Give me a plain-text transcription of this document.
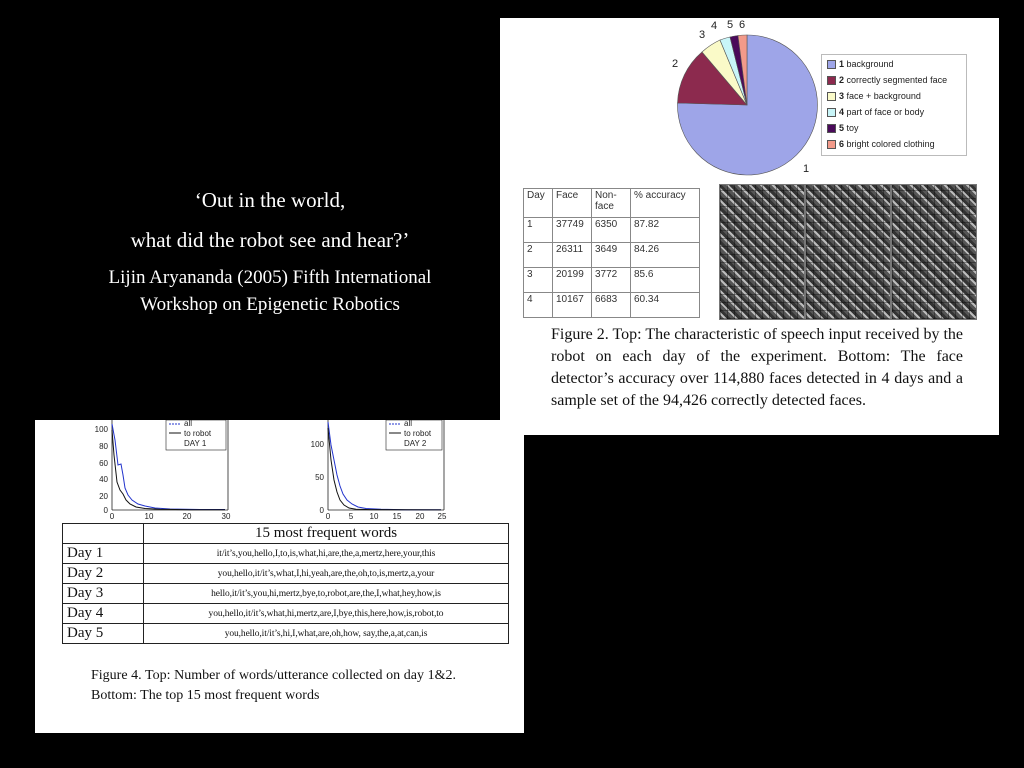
‘Out in the world,
what did the robot see and hear?’
Lijin Aryananda (2005) Fifth International
Workshop on Epigenetic Robotics
1
2
3
4 5 6
1 background
2 correctly segmented face
3 face + background
4 part of face or body
5 toy
6 bright colored clothing
Day	Face	Non-face	% accuracy
1	37749	6350	87.82
2	26311	3649	84.26
3	20199	3772	85.6
4	10167	6683	60.34
Figure 2. Top: The characteristic of speech input received by the robot on each day of the experiment. Bottom: The face detector’s accuracy over 114,880 faces detected in 4 days and a sample set of the 94,426 correctly detected faces.
100
80
60
40
20
0
0	10	20	30
all
to robot
DAY 1	100
50
0
0 5 10 15 20 25
all
to robot
DAY 2
	15 most frequent words
Day 1	it/it’s,you,hello,I,to,is,what,hi,are,the,a,mertz,here,your,this
Day 2	you,hello,it/it’s,what,I,hi,yeah,are,the,oh,to,is,mertz,a,your
Day 3	hello,it/it’s,you,hi,mertz,bye,to,robot,are,the,I,what,hey,how,is
Day 4	you,hello,it/it’s,what,hi,mertz,are,I,bye,this,here,how,is,robot,to
Day 5	you,hello,it/it’s,hi,I,what,are,oh,how, say,the,a,at,can,is
Figure 4. Top: Number of words/utterance collected on day 1&2. Bottom: The top 15 most frequent words
